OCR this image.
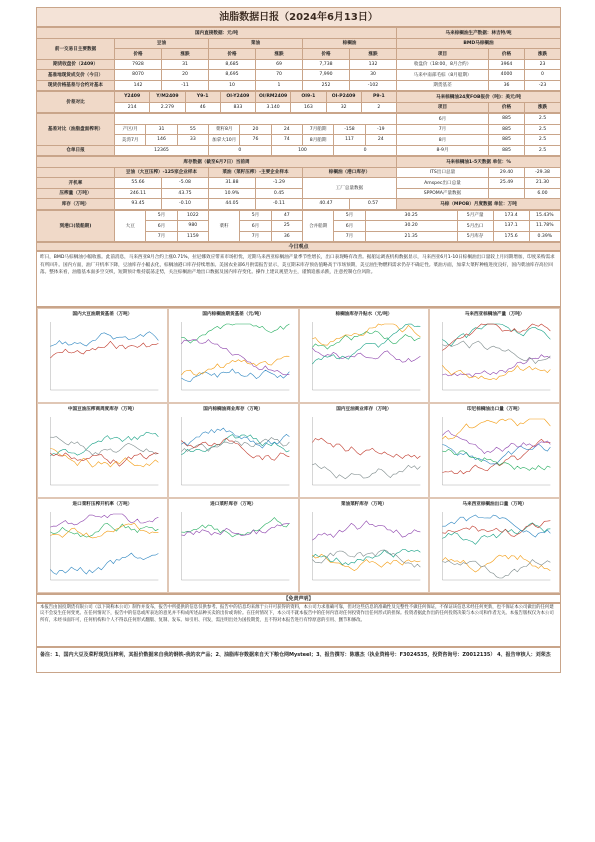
油脂数据日报（2024年6月13日）
国内直接数据：元/吨							马来棕榈油生产数据：林吉特/吨		
前一交易日主要数据	豆油		菜油		棕榈油		BMD马棕榈油		
	价格	涨跌	价格	涨跌	价格	涨跌	项目	价格	涨跌
期货收盘价（2409）	7928	31	8,685	69	7,738	132	收盘价（18:00，8月合约）	3964	23
基准地现货成交价（今日）	8070	20	8,695	70	7,990	30	马来中南部毛棕（8月船期）	4000	0
现货价格基差与合约对基本	142	-11	10	1	252	-102	期货基差	36	-23
价差对比	Y2409	Y/M2409	Y9-1	OI-Y2409	OI/RM2409	OI9-1	OI-P2409	P9-1	马来棕榈油24度FOB报价（吨)：美元/吨		
	214	2.279	46	833	3.140	163	32	2	项目	价格	涨跌
基差对比（油脂盘面榨利）										6月	885	2.5
	产区/月	31	55	菜籽8月	20	24	7月船期	-158	-19	7月	885	2.5
	美湾7月	146	33	加拿大10月	76	74	8月船期	117	24	8月	885	2.5
仓单日报	12365			0		100		0		8-9月	885	2.5
库存数据（截至6月7日）当前周							马来棕榈油1-5天数据 单位：%		
	豆油（大豆压榨）-125家企业样本		菜油（菜籽压榨）-主要企业样本		棕榈油（港口库存）		ITS出口总量	29.40	-29.38
开机率	55.66	-5.08	31.88	-1.29	工厂总量数据		Amspec出口总量	25.49	21.30
压榨量（万吨）	246.11	43.75	10.9%	0.45			SPPOMA产量数据		6.00
库存（万吨）	93.45	-0.10	44.05	-0.11	40.47	0.57	马棕（MPOB）月度数据 单位：万吨		
到港口(装船期)	大豆	5月	1022	菜籽	5月	47	合并船期	5月	30.25	5月产量	173.4	15.43%
		6月	980		6月	25		6月	30.20	5月出口	137.1	11.78%
		7月	1159		7月	36		7月	21.35	5月库存	175.6	0.39%
今日观点
昨日，BMD马棕榈油小幅收涨。此前消息，马来西亚8月合约上涨0.71%，拉尼娜效应带来市场担忧，近期马来西亚棕榈油产量季节性增长，出口表现略有改善。据船运调查机构数据显示，马来西亚6月1-10日棕榈油出口量较上月同期增加，印度采购需求有所回升。国内方面，油厂开机率下降，豆油库存小幅去化，棕榈油港口库存持续增加。美国农业部6月供需报告显示，美豆期末库存预估值略高于市场预期，美豆油生物燃料需求仍存不确定性。菜油方面，加拿大菜籽种植进度良好，国内菜油库存高位回落。整体来看，油脂基本面多空交织，短期预计维持震荡走势，关注棕榈油产地出口数据及国内库存变化。操作上建议观望为主，谨慎追涨杀跌，注意控制仓位风险。
国内大豆油期货基差（万吨）	国内棕榈油期货基差（元/吨）	棕榈油库存升贴水（元/吨）	马来西亚棕榈油产量（万吨）
中国豆油压榨商周度库存（万吨）	国内棕榈油商业库存（万吨）	国内豆油商业库存（万吨）	印尼棕榈油出口量（万吨）
进口菜籽压榨开机率（万吨）	进口菜籽库存（万吨）	菜油菜籽库存（万吨）	马来西亚棕榈油出口量（万吨）
【免责声明】
本报告由国投期货有限公司（以下简称本公司）制作并发布，报告中所提供的信息仅供参考。报告中的信息均来源于公开可获得的资料，本公司力求准确可靠，但对这些信息的准确性及完整性不做任何保证，不保证该信息未经任何更新，也不保证本公司做出的任何建议不会发生任何变更。在任何情况下，报告中的信息或所表达的意见并不构成所述品种买卖的出价或询价。在任何情况下，本公司不就本报告中的任何内容对任何投资作出任何形式的担保。投资者据此作出的任何投资决策与本公司和作者无关。本报告版权仅为本公司所有，未经书面许可，任何机构和个人不得以任何形式翻版、复制、发布。如引用、刊发，需注明出处为国投期货，且不得对本报告进行有悖原意的引用、删节和修改。
备注：1、国内大豆及菜籽现货压榨利，其报价数据来自我的钢铁-我的农产品；2、油脂库存数据来自天下粮仓网Mysteel；3、报告撰写：陈惠杰（执业资格号：F3024535，投资咨询号：Z0012135） 4、报告审核人：刘荣杰
